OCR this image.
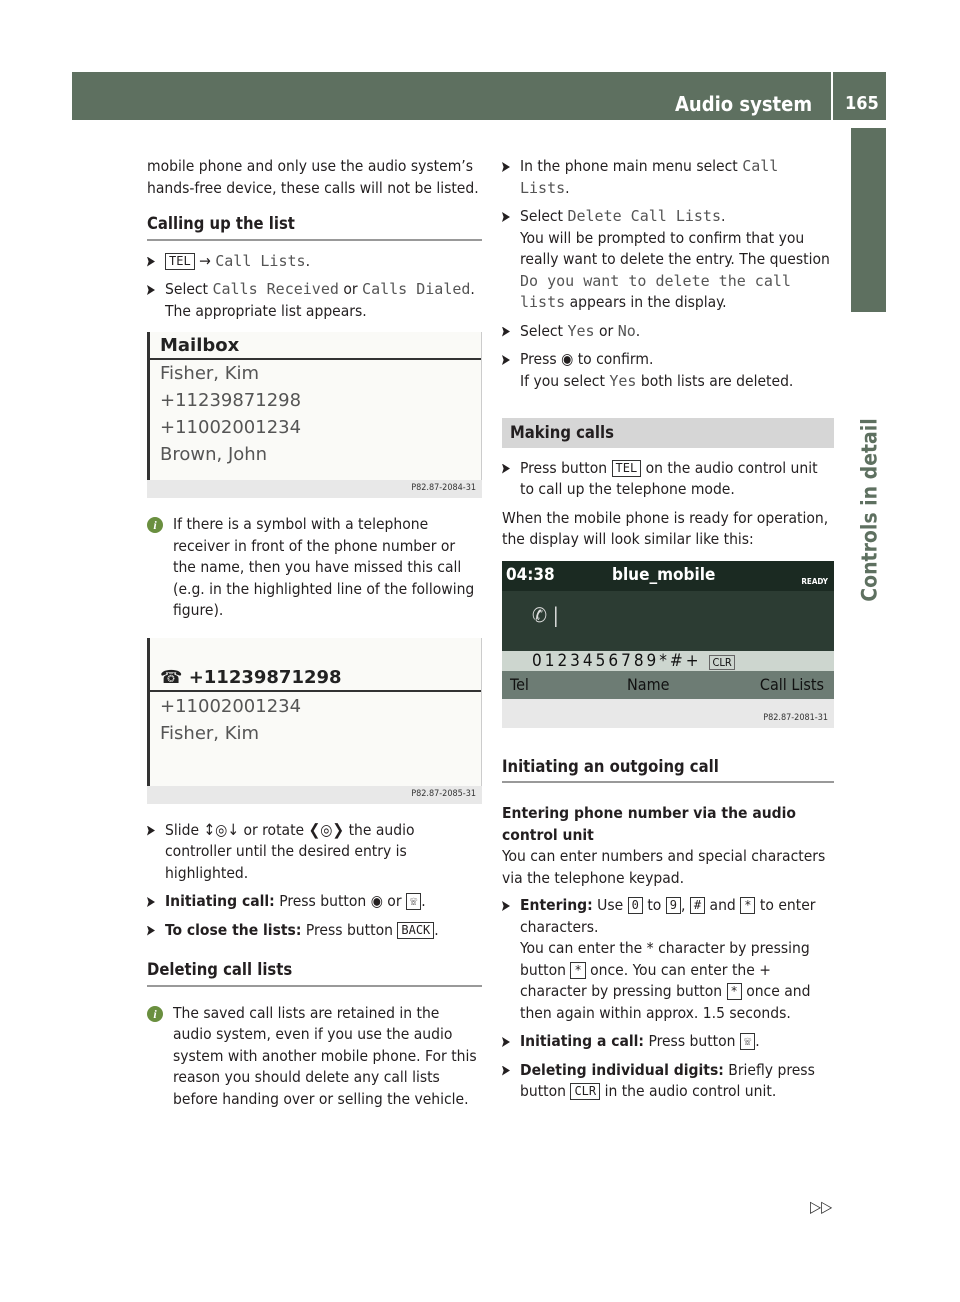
Audio system 165
Controls in detail
mobile phone and only use the audio system’s hands-free device, these calls will not be listed.
Calling up the list
TEL → Call Lists.
Select Calls Received or Calls Dialed.
The appropriate list appears.
Mailbox
Fisher, Kim
+11239871298
+11002001234
Brown, John
P82.87-2084-31
i	If there is a symbol with a telephone receiver in front of the phone number or the name, then you have missed this call (e.g. in the highlighted line of the following figure).
☎ +11239871298
+11002001234
Fisher, Kim
P82.87-2085-31
Slide ↕◎↓ or rotate ❮◎❯ the audio controller until the desired entry is highlighted.
Initiating call: Press button ◉ or ☏ .
To close the lists: Press button BACK .
Deleting call lists
i	The saved call lists are retained in the audio system, even if you use the audio system with another mobile phone. For this reason you should delete any call lists before handing over or selling the vehicle.
In the phone main menu select Call Lists.
Select Delete Call Lists.
You will be prompted to confirm that you really want to delete the entry. The question Do you want to delete the call lists appears in the display.
Select Yes or No.
Press ◉ to confirm.
If you select Yes both lists are deleted.
Making calls
Press button TEL on the audio control unit to call up the telephone mode.
When the mobile phone is ready for operation, the display will look similar like this:
04:38	blue_mobile	READY
✆ |
0123456789*#+ CLR
Tel	Name	Call Lists
P82.87-2081-31
Initiating an outgoing call
Entering phone number via the audio control unit
You can enter numbers and special characters via the telephone keypad.
Entering: Use 0 to 9 , # and * to enter characters.
You can enter the * character by pressing button * once. You can enter the + character by pressing button * once and then again within approx. 1.5 seconds.
Initiating a call: Press button ☏ .
Deleting individual digits: Briefly press button CLR in the audio control unit.
▷▷
